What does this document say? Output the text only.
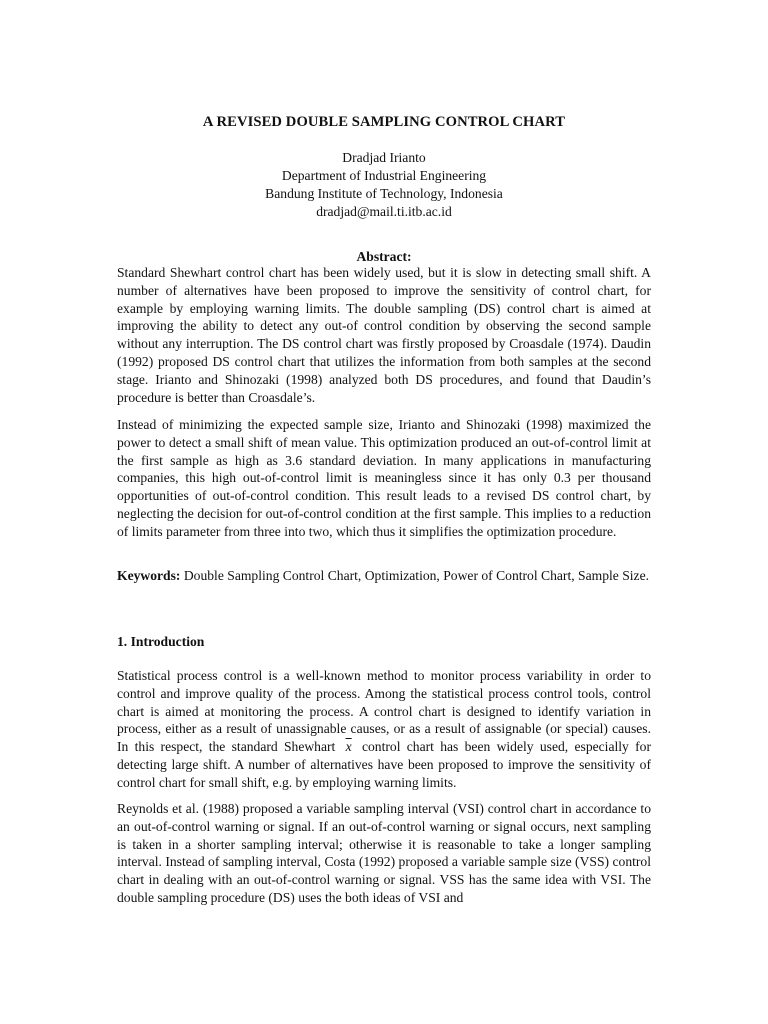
A REVISED DOUBLE SAMPLING CONTROL CHART
Dradjad Irianto
Department of Industrial Engineering
Bandung Institute of Technology, Indonesia
dradjad@mail.ti.itb.ac.id
Abstract:
Standard Shewhart control chart has been widely used, but it is slow in detecting small shift. A number of alternatives have been proposed to improve the sensitivity of control chart, for example by employing warning limits. The double sampling (DS) control chart is aimed at improving the ability to detect any out-of control condition by observing the second sample without any interruption. The DS control chart was firstly proposed by Croasdale (1974). Daudin (1992) proposed DS control chart that utilizes the information from both samples at the second stage. Irianto and Shinozaki (1998) analyzed both DS procedures, and found that Daudin’s procedure is better than Croasdale’s.
Instead of minimizing the expected sample size, Irianto and Shinozaki (1998) maximized the power to detect a small shift of mean value. This optimization produced an out-of-control limit at the first sample as high as 3.6 standard deviation. In many applications in manufacturing companies, this high out-of-control limit is meaningless since it has only 0.3 per thousand opportunities of out-of-control condition. This result leads to a revised DS control chart, by neglecting the decision for out-of-control condition at the first sample. This implies to a reduction of limits parameter from three into two, which thus it simplifies the optimization procedure.
Keywords: Double Sampling Control Chart, Optimization, Power of Control Chart, Sample Size.
1. Introduction
Statistical process control is a well-known method to monitor process variability in order to control and improve quality of the process. Among the statistical process control tools, control chart is aimed at monitoring the process. A control chart is designed to identify variation in process, either as a result of unassignable causes, or as a result of assignable (or special) causes. In this respect, the standard Shewhart $\overline{x}$ control chart has been widely used, especially for detecting large shift. A number of alternatives have been proposed to improve the sensitivity of control chart for small shift, e.g. by employing warning limits.
Reynolds et al. (1988) proposed a variable sampling interval (VSI) control chart in accordance to an out-of-control warning or signal. If an out-of-control warning or signal occurs, next sampling is taken in a shorter sampling interval; otherwise it is reasonable to take a longer sampling interval. Instead of sampling interval, Costa (1992) proposed a variable sample size (VSS) control chart in dealing with an out-of-control warning or signal. VSS has the same idea with VSI. The double sampling procedure (DS) uses the both ideas of VSI and
